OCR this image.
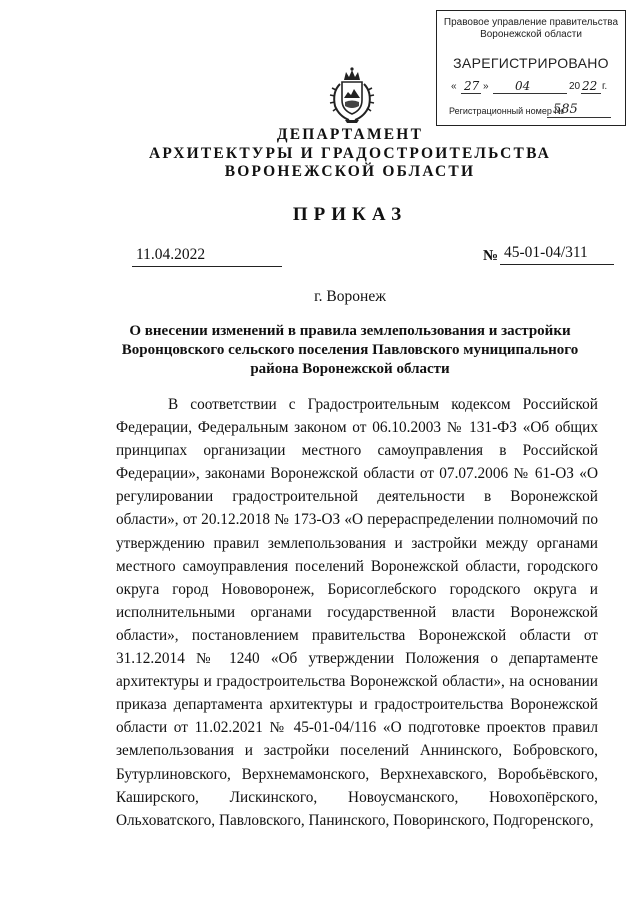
Правовое управление правительства
Воронежской области
ЗАРЕГИСТРИРОВАНО
« 27 » 04	20 22 г.
Регистрационный номер №
585
ДЕПАРТАМЕНТ
АРХИТЕКТУРЫ И ГРАДОСТРОИТЕЛЬСТВА
ВОРОНЕЖСКОЙ ОБЛАСТИ
ПРИКАЗ
11.04.2022	№ 45-01-04/311
г. Воронеж
О внесении изменений в правила землепользования и застройки Воронцовского сельского поселения Павловского муниципального района Воронежской области

В соответствии с Градостроительным кодексом Российской Федерации, Федеральным законом от 06.10.2003 № 131-ФЗ «Об общих принципах организации местного самоуправления в Российской Федерации», законами Воронежской области от 07.07.2006 № 61-ОЗ «О регулировании градостроительной деятельности в Воронежской области», от 20.12.2018 № 173-ОЗ «О перераспределении полномочий по утверждению правил землепользования и застройки между органами местного самоуправления поселений Воронежской области, городского округа город Нововоронеж, Борисоглебского городского округа и исполнительными органами государственной власти Воронежской области», постановлением правительства Воронежской области от 31.12.2014 № 1240 «Об утверждении Положения о департаменте архитектуры и градостроительства Воронежской области», на основании приказа департамента архитектуры и градостроительства Воронежской области от 11.02.2021 № 45-01-04/116 «О подготовке проектов правил землепользования и застройки поселений Аннинского, Бобровского, Бутурлиновского, Верхнемамонского, Верхнехавского, Воробьёвского, Каширского, Лискинского, Новоусманского, Новохопёрского, Ольховатского, Павловского, Панинского, Поворинского, Подгоренского,
